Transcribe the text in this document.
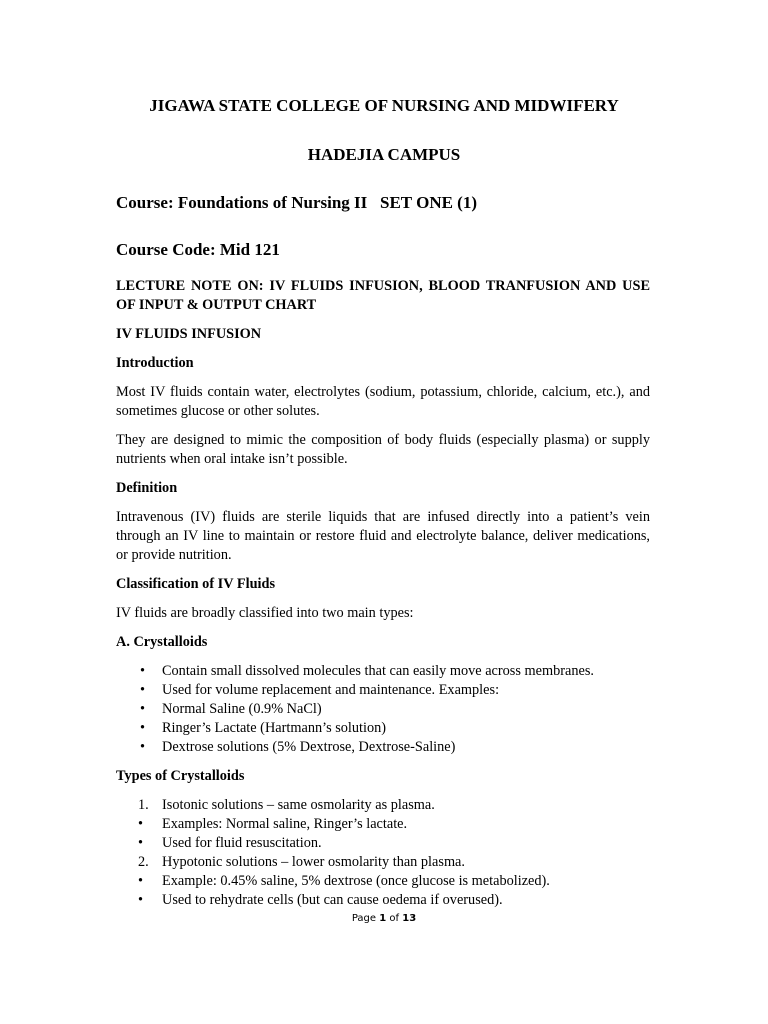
JIGAWA STATE COLLEGE OF NURSING AND MIDWIFERY
HADEJIA CAMPUS
Course: Foundations of Nursing II   SET ONE (1)
Course Code: Mid 121

LECTURE NOTE ON: IV FLUIDS INFUSION, BLOOD TRANFUSION AND USE OF INPUT & OUTPUT CHART

IV FLUIDS INFUSION

Introduction

Most IV fluids contain water, electrolytes (sodium, potassium, chloride, calcium, etc.), and sometimes glucose or other solutes.

They are designed to mimic the composition of body fluids (especially plasma) or supply nutrients when oral intake isn’t possible.

Definition

Intravenous (IV) fluids are sterile liquids that are infused directly into a patient’s vein through an IV line to maintain or restore fluid and electrolyte balance, deliver medications, or provide nutrition.

Classification of IV Fluids

IV fluids are broadly classified into two main types:

A. Crystalloids

• Contain small dissolved molecules that can easily move across membranes.
• Used for volume replacement and maintenance. Examples:
• Normal Saline (0.9% NaCl)
• Ringer’s Lactate (Hartmann’s solution)
• Dextrose solutions (5% Dextrose, Dextrose-Saline)

Types of Crystalloids

1. Isotonic solutions – same osmolarity as plasma.
• Examples: Normal saline, Ringer’s lactate.
• Used for fluid resuscitation.
2. Hypotonic solutions – lower osmolarity than plasma.
• Example: 0.45% saline, 5% dextrose (once glucose is metabolized).
• Used to rehydrate cells (but can cause oedema if overused).
Page 1 of 13
